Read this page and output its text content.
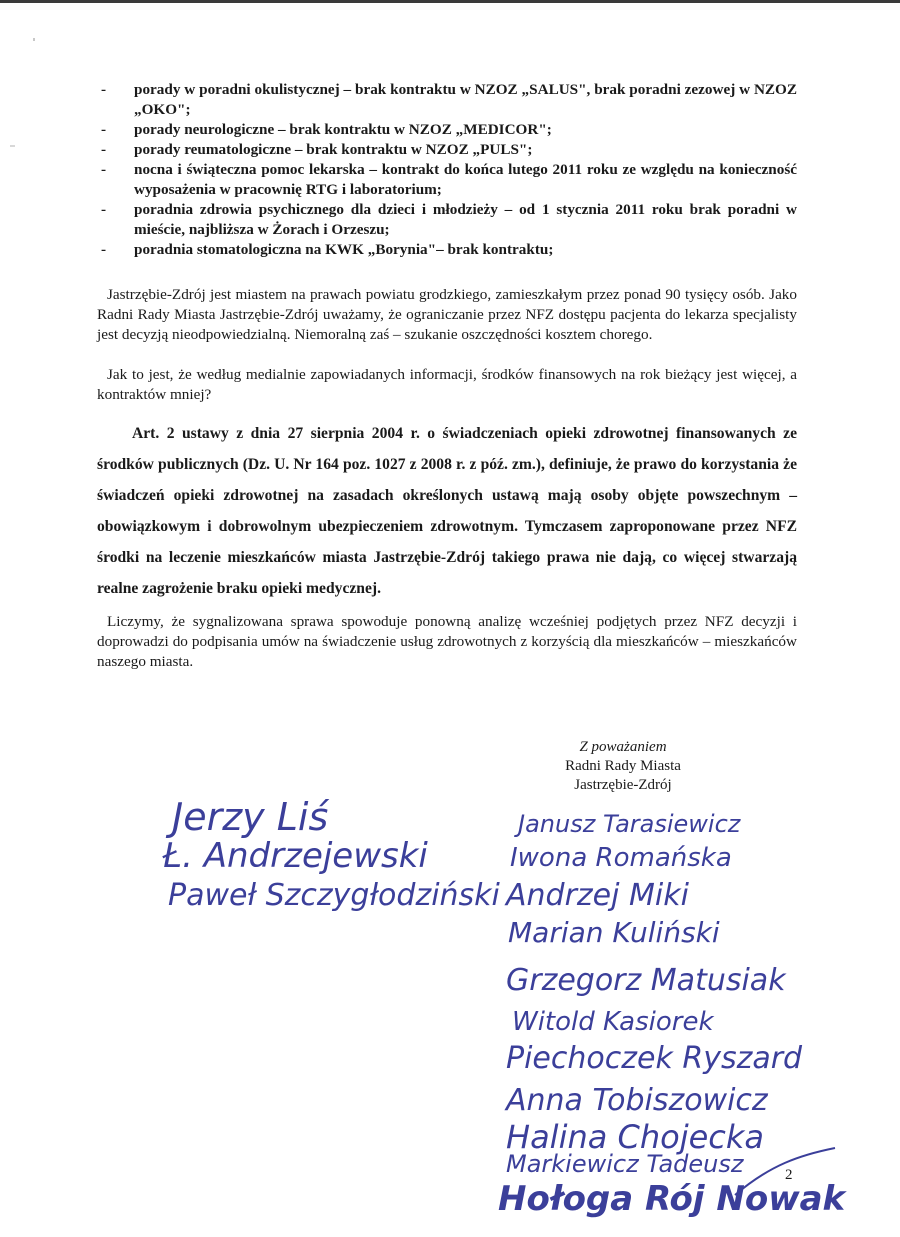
- porady w poradni okulistycznej – brak kontraktu w NZOZ „SALUS", brak poradni zezowej w NZOZ „OKO";
- porady neurologiczne – brak kontraktu w NZOZ „MEDICOR";
- porady reumatologiczne – brak kontraktu w NZOZ „PULS";
- nocna i świąteczna pomoc lekarska – kontrakt do końca lutego 2011 roku ze względu na konieczność wyposażenia w pracownię RTG i laboratorium;
- poradnia zdrowia psychicznego dla dzieci i młodzieży – od 1 stycznia 2011 roku brak poradni w mieście, najbliższa w Żorach i Orzeszu;
- poradnia stomatologiczna na KWK „Borynia"– brak kontraktu;

Jastrzębie-Zdrój jest miastem na prawach powiatu grodzkiego, zamieszkałym przez ponad 90 tysięcy osób. Jako Radni Rady Miasta Jastrzębie-Zdrój uważamy, że ograniczanie przez NFZ dostępu pacjenta do lekarza specjalisty jest decyzją nieodpowiedzialną. Niemoralną zaś – szukanie oszczędności kosztem chorego.

Jak to jest, że według medialnie zapowiadanych informacji, środków finansowych na rok bieżący jest więcej, a kontraktów mniej?

Art. 2 ustawy z dnia 27 sierpnia 2004 r. o świadczeniach opieki zdrowotnej finansowanych ze środków publicznych (Dz. U. Nr 164 poz. 1027 z 2008 r. z póź. zm.), definiuje, że prawo do korzystania że świadczeń opieki zdrowotnej na zasadach określonych ustawą mają osoby objęte powszechnym – obowiązkowym i dobrowolnym ubezpieczeniem zdrowotnym. Tymczasem zaproponowane przez NFZ środki na leczenie mieszkańców miasta Jastrzębie-Zdrój takiego prawa nie dają, co więcej stwarzają realne zagrożenie braku opieki medycznej.

Liczymy, że sygnalizowana sprawa spowoduje ponowną analizę wcześniej podjętych przez NFZ decyzji i doprowadzi do podpisania umów na świadczenie usług zdrowotnych z korzyścią dla mieszkańców – mieszkańców naszego miasta.

Z poważaniem
Radni Rady Miasta
Jastrzębie-Zdrój
Jerzy Liś
Ł. Andrzejewski
Paweł Szczygłodziński
Janusz Tarasiewicz
Iwona Romańska
Andrzej Miki
Marian Kuliński
Grzegorz Matusiak
Witold Kasiorek
Piechoczek Ryszard
Anna Tobiszowicz
Halina Chojecka
Markiewicz Tadeusz
Hołoga Rój Nowak
2
